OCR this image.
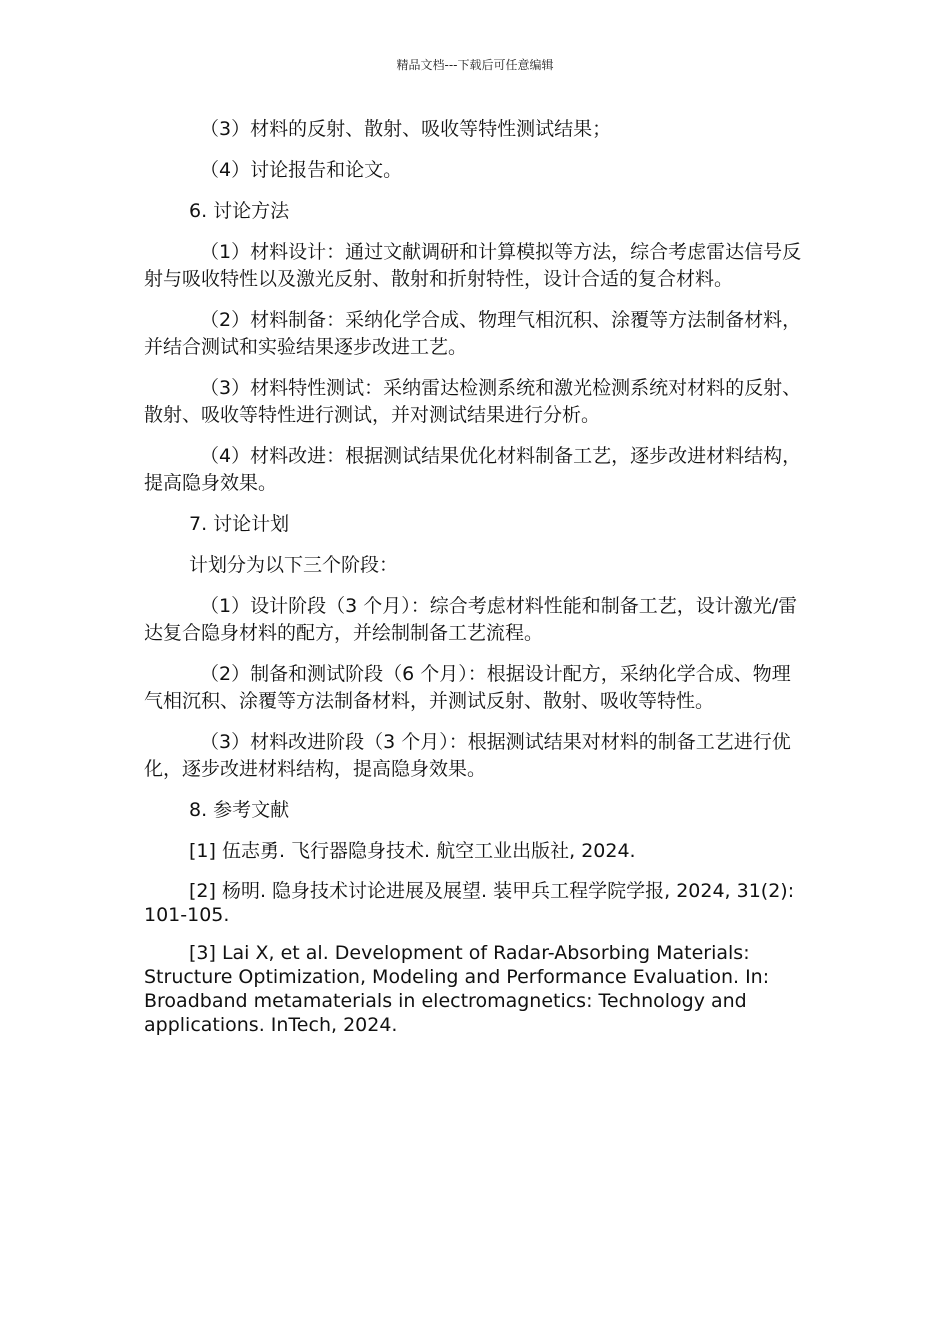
精品文档---下载后可任意编辑

（3）材料的反射、散射、吸收等特性测试结果；

（4）讨论报告和论文。

6. 讨论方法

（1）材料设计：通过文献调研和计算模拟等方法，综合考虑雷达信号反射与吸收特性以及激光反射、散射和折射特性，设计合适的复合材料。

（2）材料制备：采纳化学合成、物理气相沉积、涂覆等方法制备材料，并结合测试和实验结果逐步改进工艺。

（3）材料特性测试：采纳雷达检测系统和激光检测系统对材料的反射、散射、吸收等特性进行测试，并对测试结果进行分析。

（4）材料改进：根据测试结果优化材料制备工艺，逐步改进材料结构，提高隐身效果。

7. 讨论计划

计划分为以下三个阶段：

（1）设计阶段（3 个月）：综合考虑材料性能和制备工艺，设计激光/雷达复合隐身材料的配方，并绘制制备工艺流程。

（2）制备和测试阶段（6 个月）：根据设计配方，采纳化学合成、物理气相沉积、涂覆等方法制备材料，并测试反射、散射、吸收等特性。

（3）材料改进阶段（3 个月）：根据测试结果对材料的制备工艺进行优化，逐步改进材料结构，提高隐身效果。

8. 参考文献

[1] 伍志勇. 飞行器隐身技术. 航空工业出版社, 2024.

[2] 杨明. 隐身技术讨论进展及展望. 装甲兵工程学院学报, 2024, 31(2): 101-105.

[3] Lai X, et al. Development of Radar-Absorbing Materials: Structure Optimization, Modeling and Performance Evaluation. In: Broadband metamaterials in electromagnetics: Technology and applications. InTech, 2024.
